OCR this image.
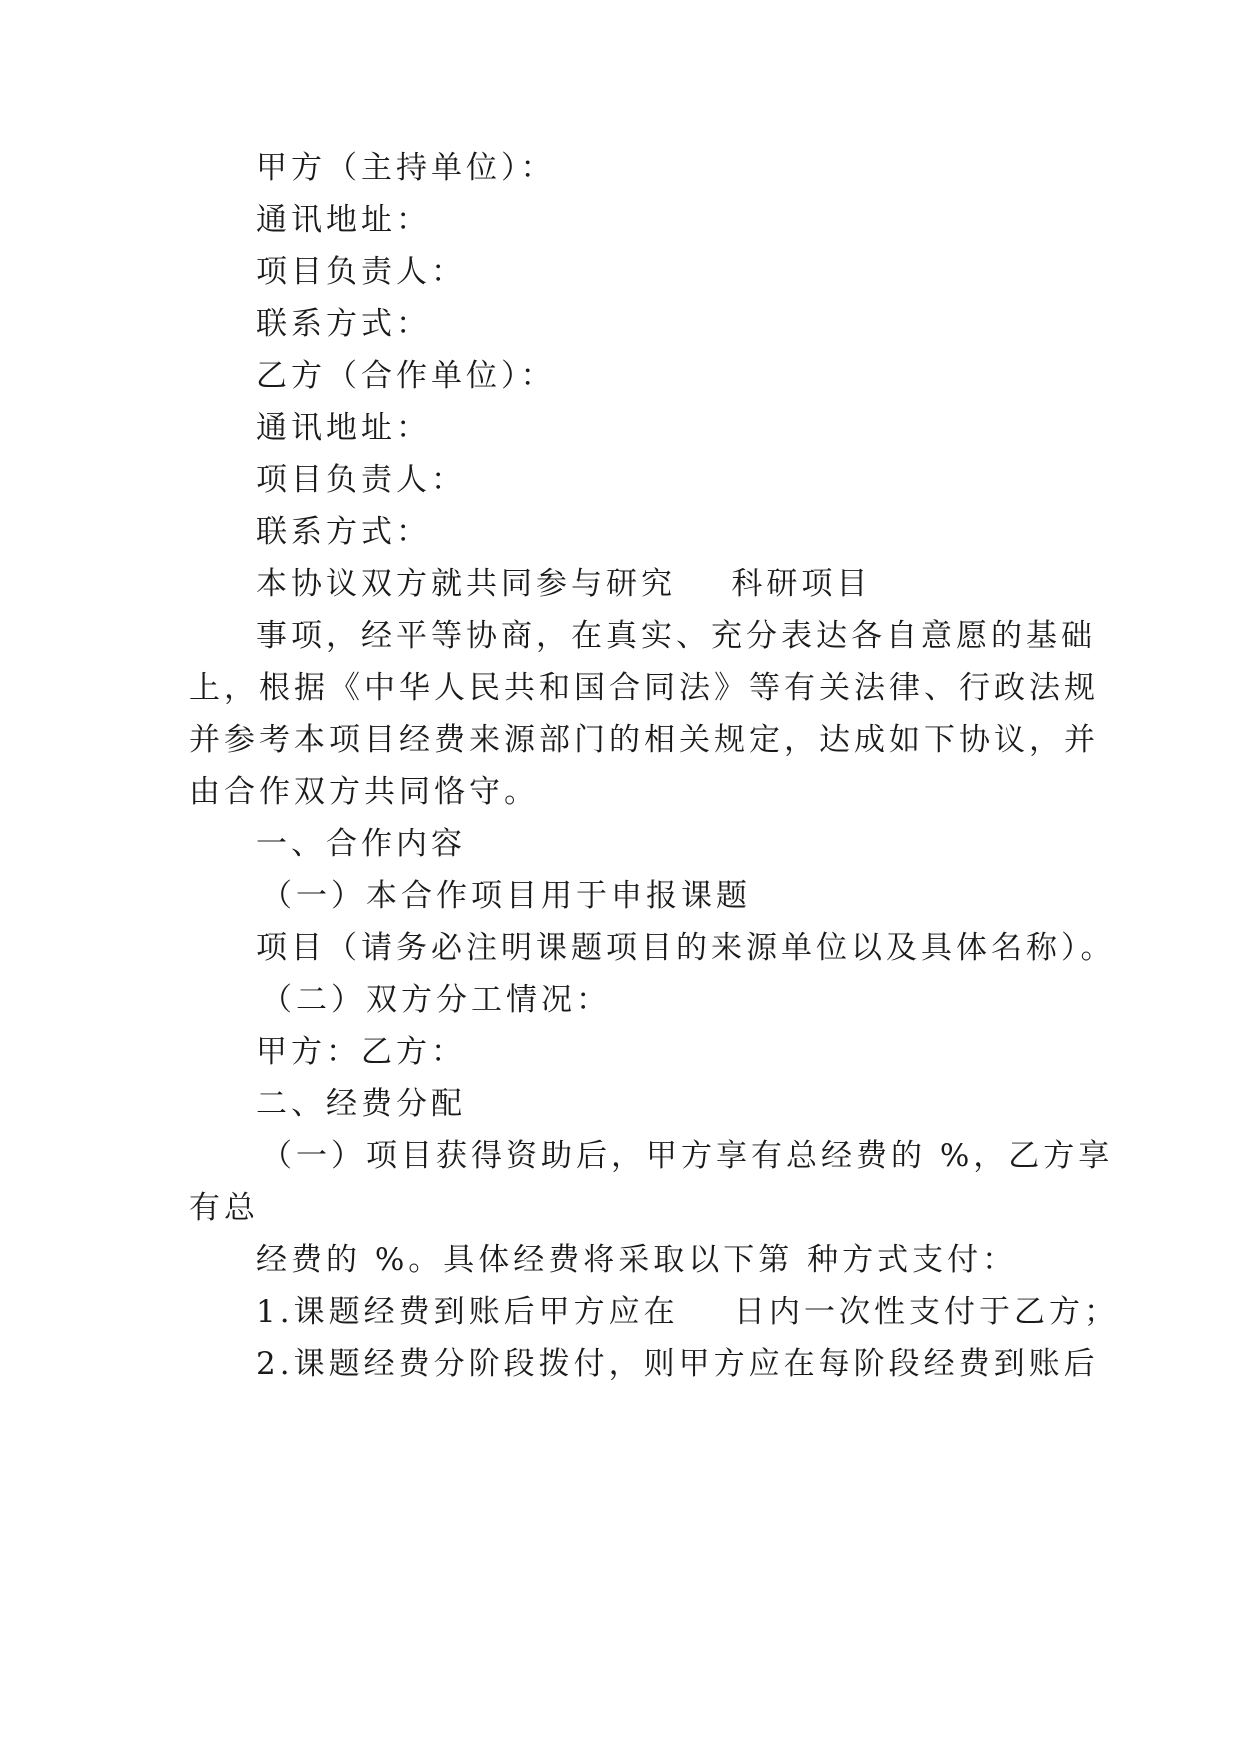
甲方（主持单位）：
通讯地址：
项目负责人：
联系方式：
乙方（合作单位）：
通讯地址：
项目负责人：
联系方式：
本协议双方就共同参与研究    科研项目
事项，经平等协商，在真实、充分表达各自意愿的基础
上，根据《中华人民共和国合同法》等有关法律、行政法规
并参考本项目经费来源部门的相关规定，达成如下协议，并
由合作双方共同恪守。
一、合作内容
（一）本合作项目用于申报课题
项目（请务必注明课题项目的来源单位以及具体名称）。
（二）双方分工情况：
甲方：乙方：
二、经费分配
（一）项目获得资助后，甲方享有总经费的 %，乙方享
有总
经费的 %。具体经费将采取以下第 种方式支付：
1.课题经费到账后甲方应在    日内一次性支付于乙方；
2.课题经费分阶段拨付，则甲方应在每阶段经费到账后
